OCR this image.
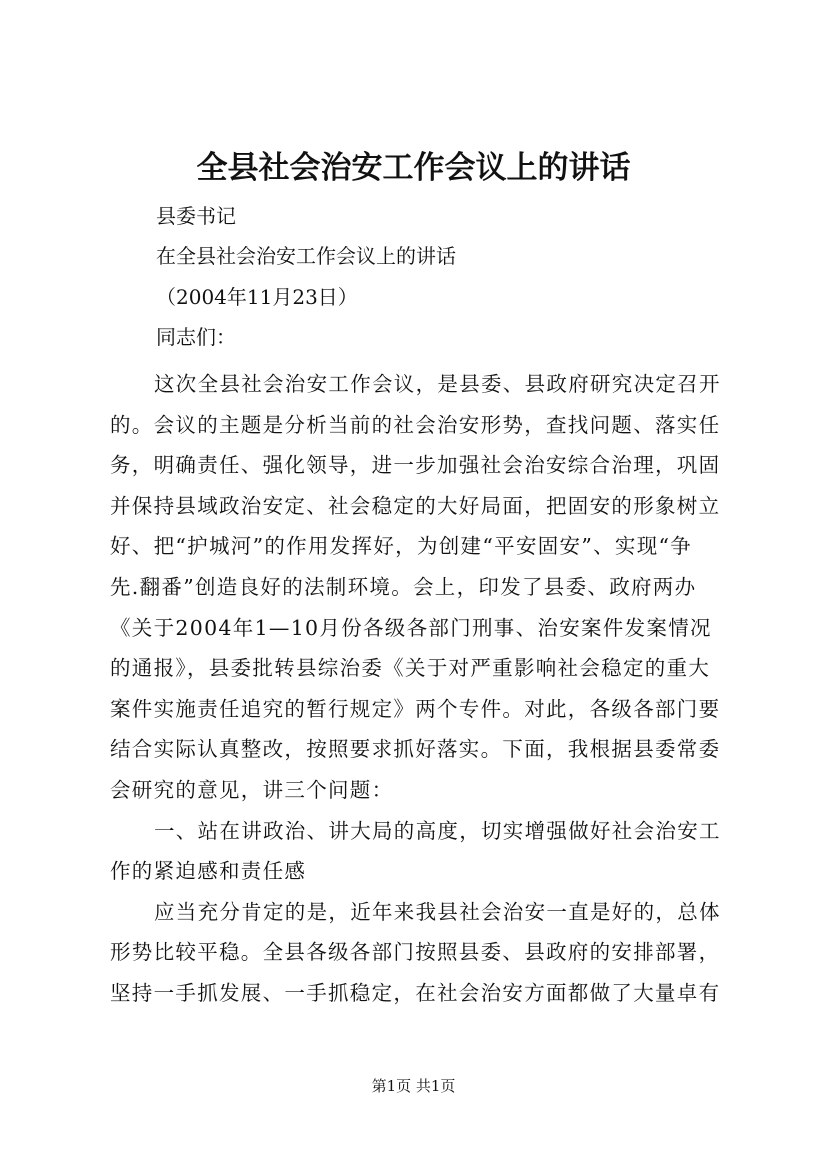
全县社会治安工作会议上的讲话
县委书记
在全县社会治安工作会议上的讲话
（2004年11月23日）
同志们：
这次全县社会治安工作会议，是县委、县政府研究决定召开
的。会议的主题是分析当前的社会治安形势，查找问题、落实任
务，明确责任、强化领导，进一步加强社会治安综合治理，巩固
并保持县域政治安定、社会稳定的大好局面，把固安的形象树立
好、把“护城河”的作用发挥好，为创建“平安固安”、实现“争
先.翻番”创造良好的法制环境。会上，印发了县委、政府两办
《关于2004年1—10月份各级各部门刑事、治安案件发案情况
的通报》，县委批转县综治委《关于对严重影响社会稳定的重大
案件实施责任追究的暂行规定》两个专件。对此，各级各部门要
结合实际认真整改，按照要求抓好落实。下面，我根据县委常委
会研究的意见，讲三个问题：
一、站在讲政治、讲大局的高度，切实增强做好社会治安工
作的紧迫感和责任感
应当充分肯定的是，近年来我县社会治安一直是好的，总体
形势比较平稳。全县各级各部门按照县委、县政府的安排部署，
坚持一手抓发展、一手抓稳定，在社会治安方面都做了大量卓有
第1页 共1页
